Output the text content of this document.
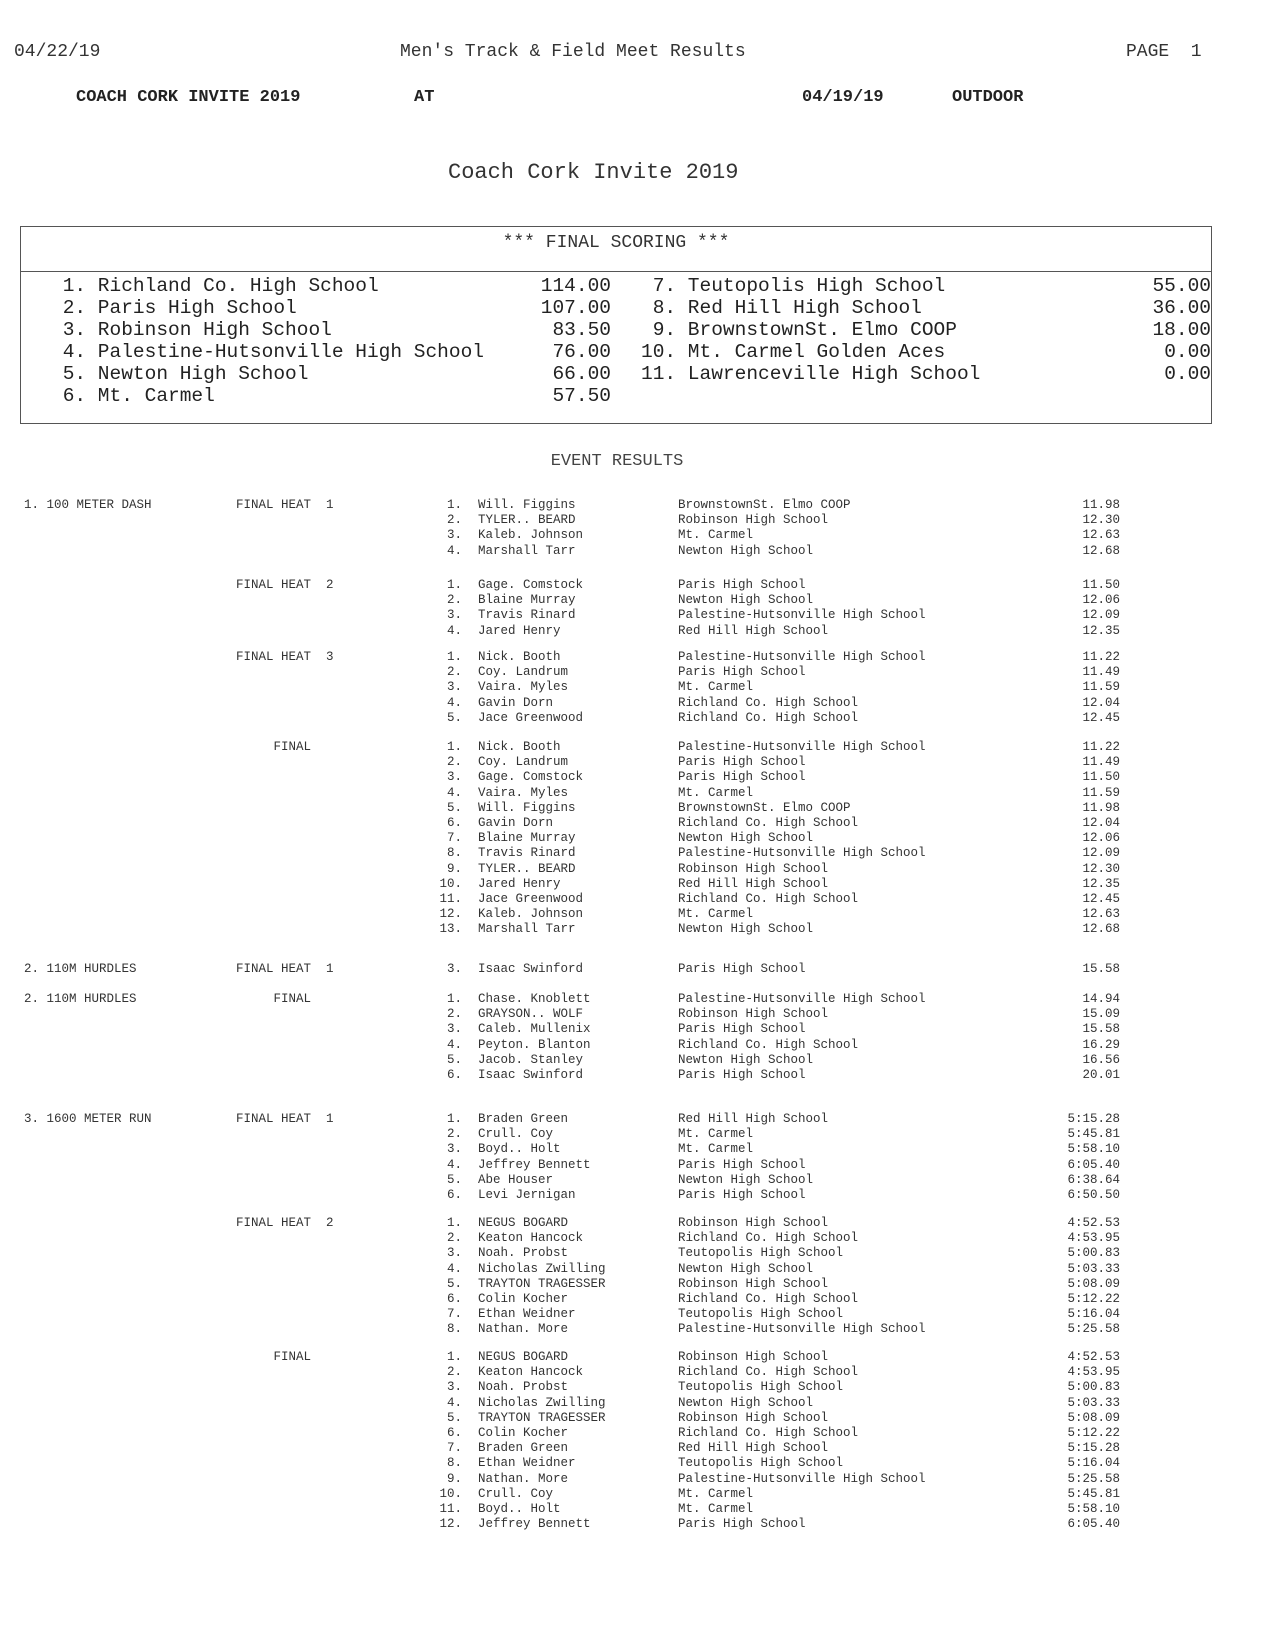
04/22/19	Men's Track & Field Meet Results	PAGE  1
COACH CORK INVITE 2019	AT	04/19/19	OUTDOOR
Coach Cork Invite 2019
*** FINAL SCORING ***
1. Richland Co. High School	114.00
2. Paris High School	107.00
3. Robinson High School	83.50
4. Palestine-Hutsonville High School	76.00
5. Newton High School	66.00
6. Mt. Carmel	57.50
7. Teutopolis High School	55.00
8. Red Hill High School	36.00
9. BrownstownSt. Elmo COOP	18.00
10. Mt. Carmel Golden Aces	0.00
11. Lawrenceville High School	0.00
EVENT RESULTS
1. 100 METER DASH	FINAL HEAT  1	1. Will. Figgins	BrownstownSt. Elmo COOP	11.98
2. TYLER.. BEARD	Robinson High School	12.30
3. Kaleb. Johnson	Mt. Carmel	12.63
4. Marshall Tarr	Newton High School	12.68
FINAL HEAT  2	1. Gage. Comstock	Paris High School	11.50
2. Blaine Murray	Newton High School	12.06
3. Travis Rinard	Palestine-Hutsonville High School	12.09
4. Jared Henry	Red Hill High School	12.35
FINAL HEAT  3	1. Nick. Booth	Palestine-Hutsonville High School	11.22
2. Coy. Landrum	Paris High School	11.49
3. Vaira. Myles	Mt. Carmel	11.59
4. Gavin Dorn	Richland Co. High School	12.04
5. Jace Greenwood	Richland Co. High School	12.45
FINAL	1. Nick. Booth	Palestine-Hutsonville High School	11.22
2. Coy. Landrum	Paris High School	11.49
3. Gage. Comstock	Paris High School	11.50
4. Vaira. Myles	Mt. Carmel	11.59
5. Will. Figgins	BrownstownSt. Elmo COOP	11.98
6. Gavin Dorn	Richland Co. High School	12.04
7. Blaine Murray	Newton High School	12.06
8. Travis Rinard	Palestine-Hutsonville High School	12.09
9. TYLER.. BEARD	Robinson High School	12.30
10. Jared Henry	Red Hill High School	12.35
11. Jace Greenwood	Richland Co. High School	12.45
12. Kaleb. Johnson	Mt. Carmel	12.63
13. Marshall Tarr	Newton High School	12.68
2. 110M HURDLES	FINAL HEAT  1	3. Isaac Swinford	Paris High School	15.58
2. 110M HURDLES	FINAL	1. Chase. Knoblett	Palestine-Hutsonville High School	14.94
2. GRAYSON.. WOLF	Robinson High School	15.09
3. Caleb. Mullenix	Paris High School	15.58
4. Peyton. Blanton	Richland Co. High School	16.29
5. Jacob. Stanley	Newton High School	16.56
6. Isaac Swinford	Paris High School	20.01
3. 1600 METER RUN	FINAL HEAT  1	1. Braden Green	Red Hill High School	5:15.28
2. Crull. Coy	Mt. Carmel	5:45.81
3. Boyd.. Holt	Mt. Carmel	5:58.10
4. Jeffrey Bennett	Paris High School	6:05.40
5. Abe Houser	Newton High School	6:38.64
6. Levi Jernigan	Paris High School	6:50.50
FINAL HEAT  2	1. NEGUS BOGARD	Robinson High School	4:52.53
2. Keaton Hancock	Richland Co. High School	4:53.95
3. Noah. Probst	Teutopolis High School	5:00.83
4. Nicholas Zwilling	Newton High School	5:03.33
5. TRAYTON TRAGESSER	Robinson High School	5:08.09
6. Colin Kocher	Richland Co. High School	5:12.22
7. Ethan Weidner	Teutopolis High School	5:16.04
8. Nathan. More	Palestine-Hutsonville High School	5:25.58
FINAL	1. NEGUS BOGARD	Robinson High School	4:52.53
2. Keaton Hancock	Richland Co. High School	4:53.95
3. Noah. Probst	Teutopolis High School	5:00.83
4. Nicholas Zwilling	Newton High School	5:03.33
5. TRAYTON TRAGESSER	Robinson High School	5:08.09
6. Colin Kocher	Richland Co. High School	5:12.22
7. Braden Green	Red Hill High School	5:15.28
8. Ethan Weidner	Teutopolis High School	5:16.04
9. Nathan. More	Palestine-Hutsonville High School	5:25.58
10. Crull. Coy	Mt. Carmel	5:45.81
11. Boyd.. Holt	Mt. Carmel	5:58.10
12. Jeffrey Bennett	Paris High School	6:05.40
